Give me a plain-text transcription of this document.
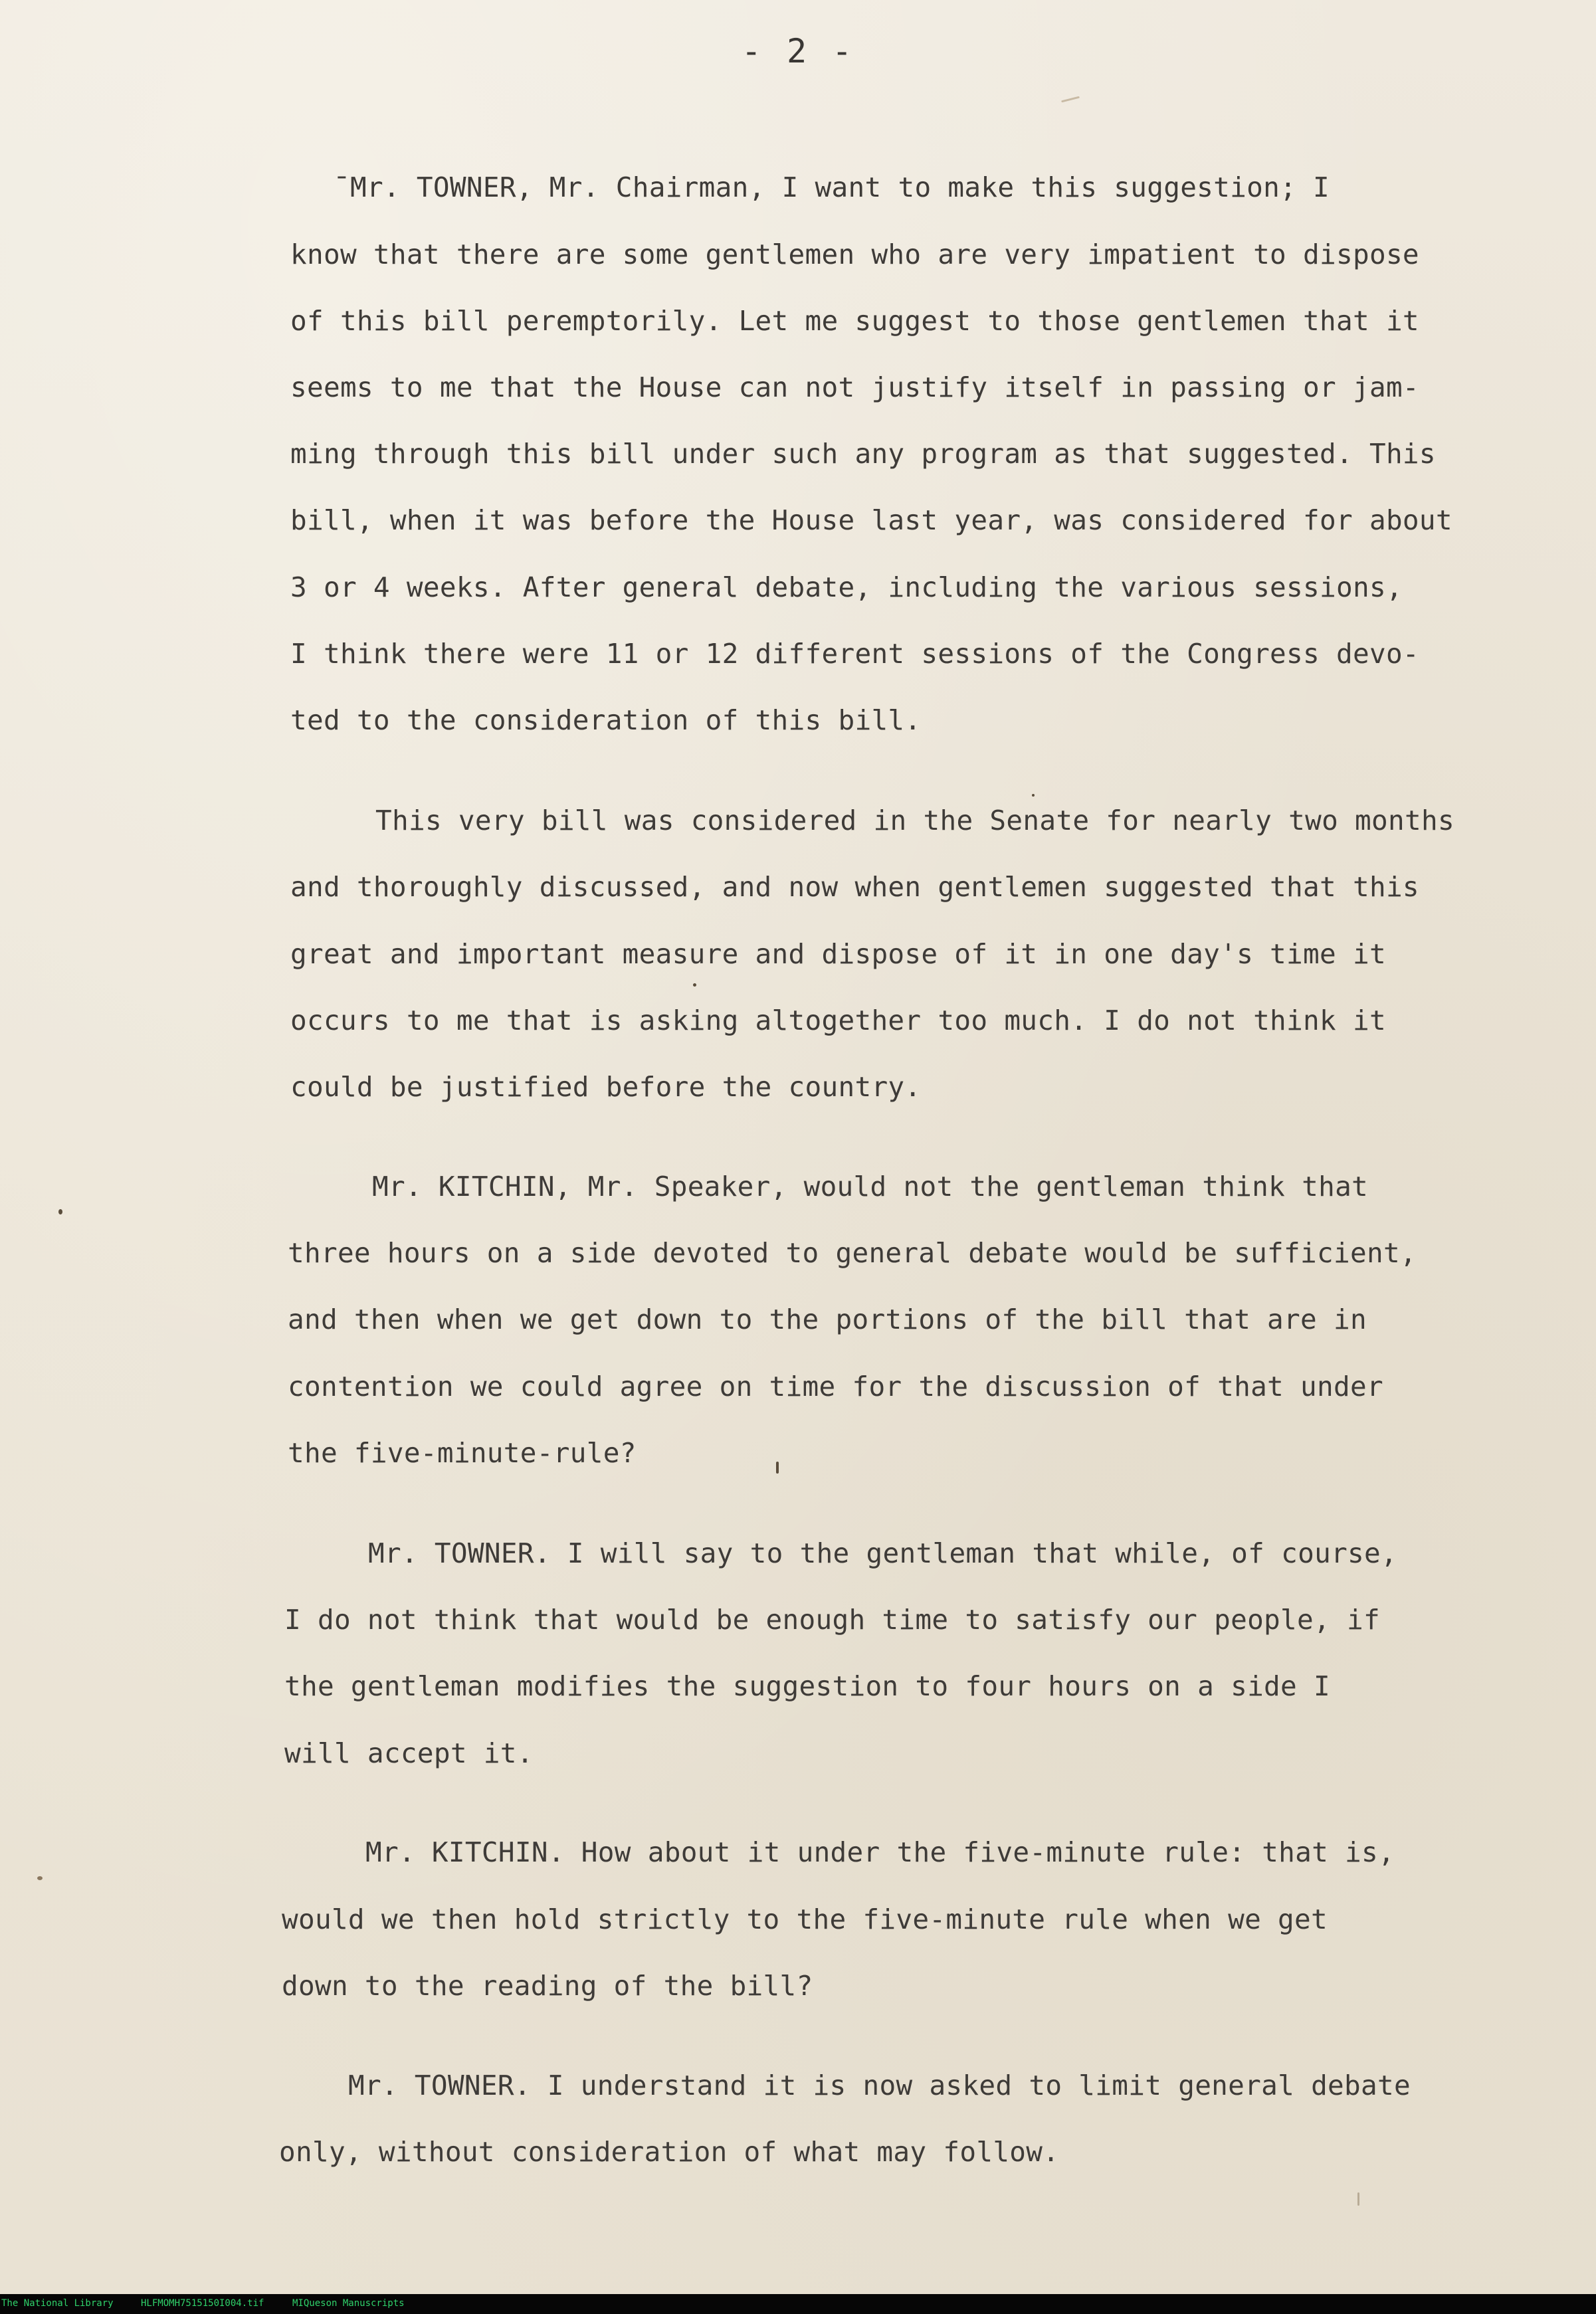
- 2 -
ˉMr. TOWNER, Mr. Chairman, I want to make this suggestion; I
know that there are some gentlemen who are very impatient to dispose
of this bill peremptorily. Let me suggest to those gentlemen that it
seems to me that the House can not justify itself in passing or jam-
ming through this bill under such any program as that suggested. This
bill, when it was before the House last year, was considered for about
3 or 4 weeks. After general debate, including the various sessions,
I think there were 11 or 12 different sessions of the Congress devo-
ted to the consideration of this bill.
This very bill was considered in the Senate for nearly two months
and thoroughly discussed, and now when gentlemen suggested that this
great and important measure and dispose of it in one day's time it
occurs to me that is asking altogether too much. I do not think it
could be justified before the country.
Mr. KITCHIN, Mr. Speaker, would not the gentleman think that
three hours on a side devoted to general debate would be sufficient,
and then when we get down to the portions of the bill that are in
contention we could agree on time for the discussion of that under
the five-minute-rule?
Mr. TOWNER. I will say to the gentleman that while, of course,
I do not think that would be enough time to satisfy our people, if
the gentleman modifies the suggestion to four hours on a side I
will accept it.
Mr. KITCHIN. How about it under the five-minute rule: that is,
would we then hold strictly to the five-minute rule when we get
down to the reading of the bill?
Mr. TOWNER. I understand it is now asked to limit general debate
only, without consideration of what may follow.
The National Library	HLFMOMH7515150I004.tif	MIQueson Manuscripts
